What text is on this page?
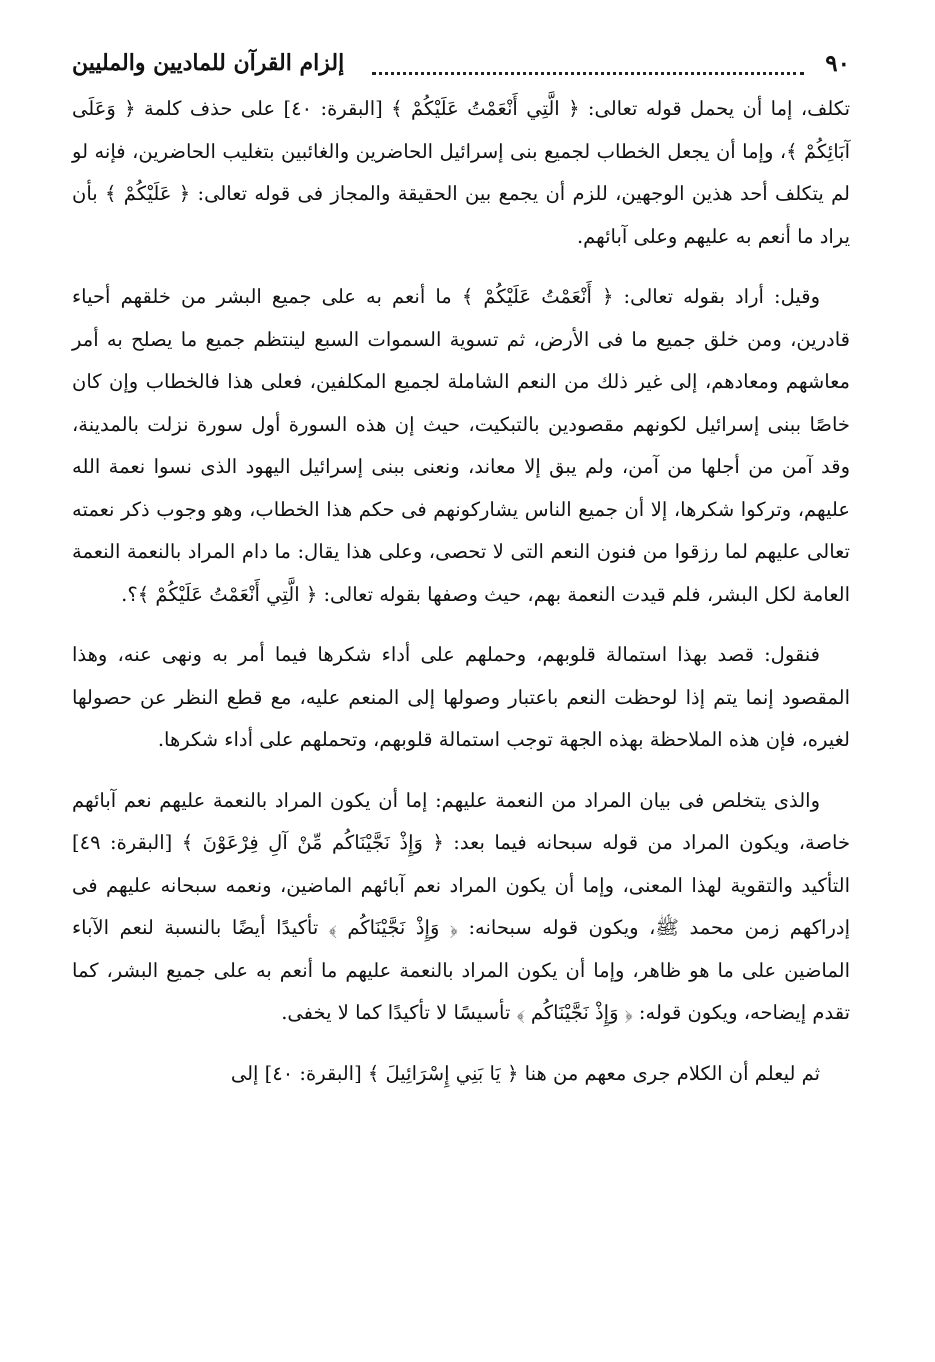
٩٠
إلزام القرآن للماديين والمليين

تكلف، إما أن يحمل قوله تعالى: ﴿ الَّتِي أَنْعَمْتُ عَلَيْكُمْ ﴾ [البقرة: ٤٠] على حذف كلمة ﴿ وَعَلَى آبَائِكُمْ ﴾، وإما أن يجعل الخطاب لجميع بنى إسرائيل الحاضرين والغائبين بتغليب الحاضرين، فإنه لو لم يتكلف أحد هذين الوجهين، للزم أن يجمع بين الحقيقة والمجاز فى قوله تعالى: ﴿ عَلَيْكُمْ ﴾ بأن يراد ما أنعم به عليهم وعلى آبائهم.

وقيل: أراد بقوله تعالى: ﴿ أَنْعَمْتُ عَلَيْكُمْ ﴾ ما أنعم به على جميع البشر من خلقهم أحياء قادرين، ومن خلق جميع ما فى الأرض، ثم تسوية السموات السبع لينتظم جميع ما يصلح به أمر معاشهم ومعادهم، إلى غير ذلك من النعم الشاملة لجميع المكلفين، فعلى هذا فالخطاب وإن كان خاصًا ببنى إسرائيل لكونهم مقصودين بالتبكيت، حيث إن هذه السورة أول سورة نزلت بالمدينة، وقد آمن من أجلها من آمن، ولم يبق إلا معاند، ونعنى ببنى إسرائيل اليهود الذى نسوا نعمة الله عليهم، وتركوا شكرها، إلا أن جميع الناس يشاركونهم فى حكم هذا الخطاب، وهو وجوب ذكر نعمته تعالى عليهم لما رزقوا من فنون النعم التى لا تحصى، وعلى هذا يقال: ما دام المراد بالنعمة النعمة العامة لكل البشر، فلم قيدت النعمة بهم، حيث وصفها بقوله تعالى: ﴿ الَّتِي أَنْعَمْتُ عَلَيْكُمْ ﴾؟.

فنقول: قصد بهذا استمالة قلوبهم، وحملهم على أداء شكرها فيما أمر به ونهى عنه، وهذا المقصود إنما يتم إذا لوحظت النعم باعتبار وصولها إلى المنعم عليه، مع قطع النظر عن حصولها لغيره، فإن هذه الملاحظة بهذه الجهة توجب استمالة قلوبهم، وتحملهم على أداء شكرها.

والذى يتخلص فى بيان المراد من النعمة عليهم: إما أن يكون المراد بالنعمة عليهم نعم آبائهم خاصة، ويكون المراد من قوله سبحانه فيما بعد: ﴿ وَإِذْ نَجَّيْنَاكُم مِّنْ آلِ فِرْعَوْنَ ﴾ [البقرة: ٤٩] التأكيد والتقوية لهذا المعنى، وإما أن يكون المراد نعم آبائهم الماضين، ونعمه سبحانه عليهم فى إدراكهم زمن محمد ﷺ، ويكون قوله سبحانه: ﴿ وَإِذْ نَجَّيْنَاكُم ﴾ تأكيدًا أيضًا بالنسبة لنعم الآباء الماضين على ما هو ظاهر، وإما أن يكون المراد بالنعمة عليهم ما أنعم به على جميع البشر، كما تقدم إيضاحه، ويكون قوله: ﴿ وَإِذْ نَجَّيْنَاكُم ﴾ تأسيسًا لا تأكيدًا كما لا يخفى.

ثم ليعلم أن الكلام جرى معهم من هنا ﴿ يَا بَنِي إِسْرَائِيلَ ﴾ [البقرة: ٤٠] إلى
